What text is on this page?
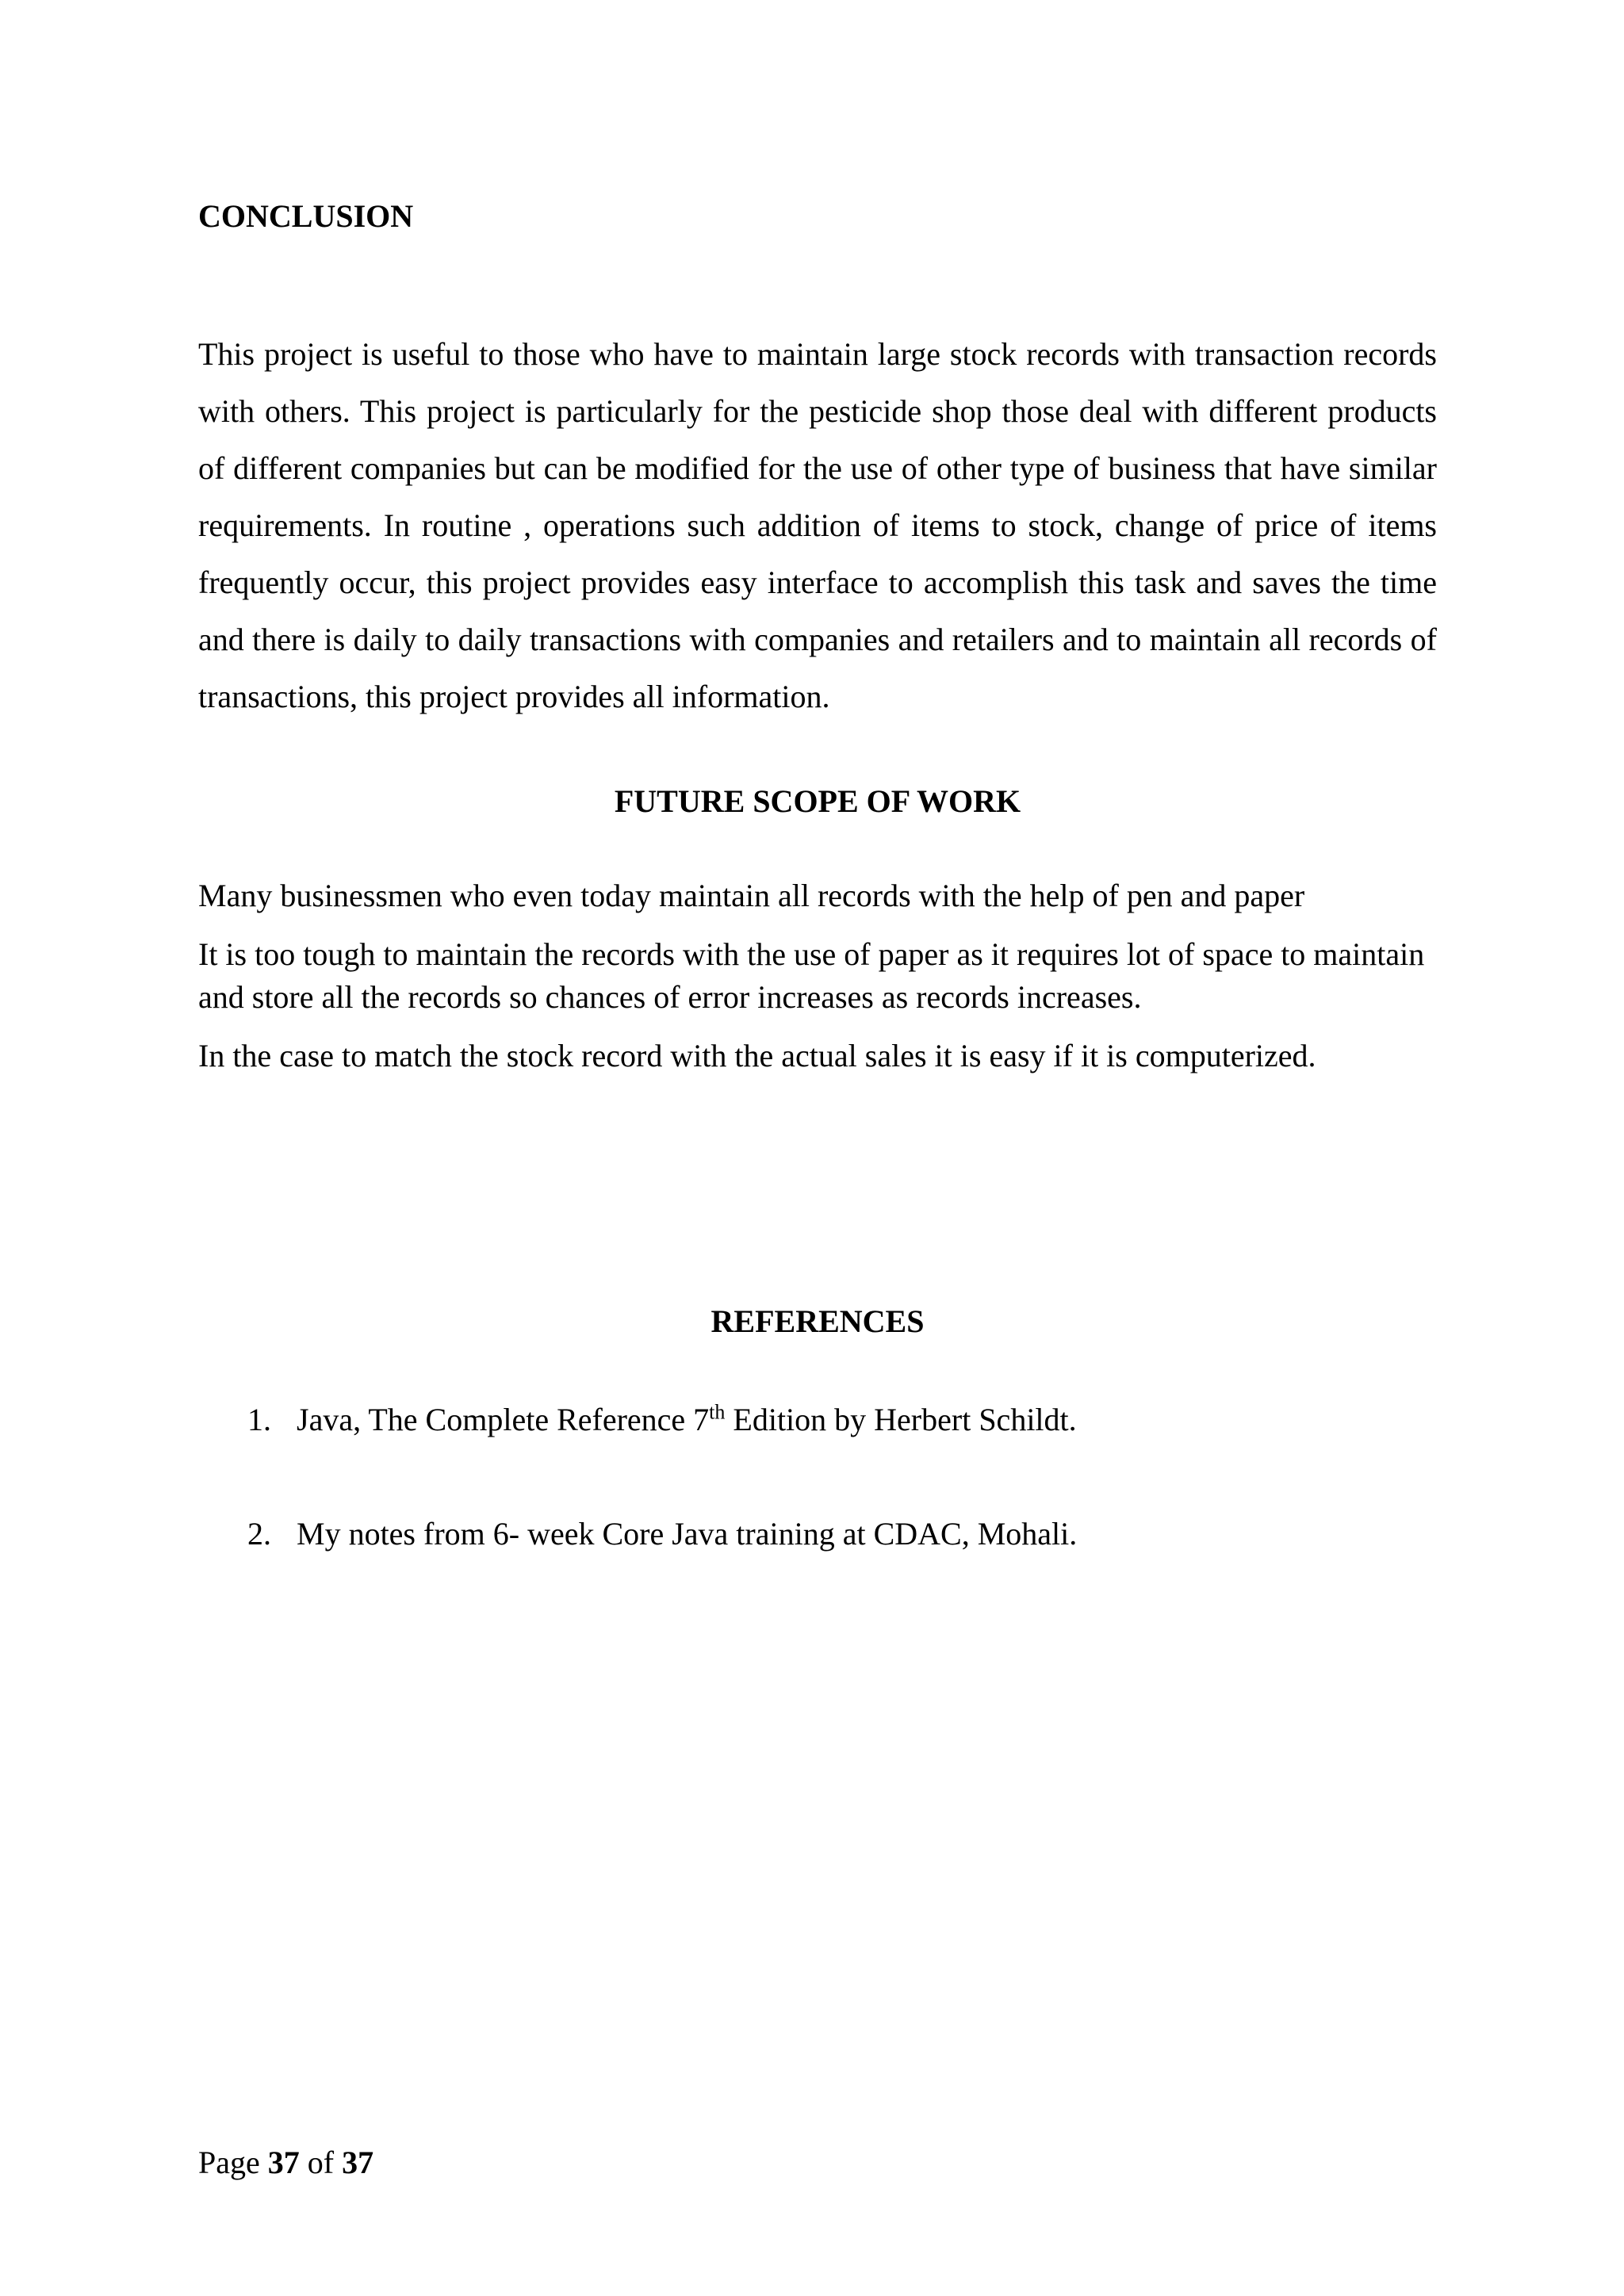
CONCLUSION

This project is useful to those who have to maintain large stock records with transaction records with others. This project is particularly for the pesticide shop those deal with different products of different companies but can be modified for the use of other type of business that have similar requirements. In routine , operations such addition of items to stock, change of price of items frequently occur, this project provides easy interface to accomplish this task and saves the time and there is daily to daily transactions with companies and retailers and to maintain all records of transactions, this project provides all information.

FUTURE SCOPE OF WORK

Many businessmen who even today maintain all records with the help of pen and paper

It is too tough to maintain the records with the use of paper as it requires lot of space to maintain and store all the records so chances of error increases as records increases.

In the case to match the stock record with the actual sales it is easy if it is computerized.

REFERENCES
1. Java, The Complete Reference 7th Edition by Herbert Schildt.
2. My notes from 6- week Core Java training at CDAC, Mohali.
Page 37 of 37
